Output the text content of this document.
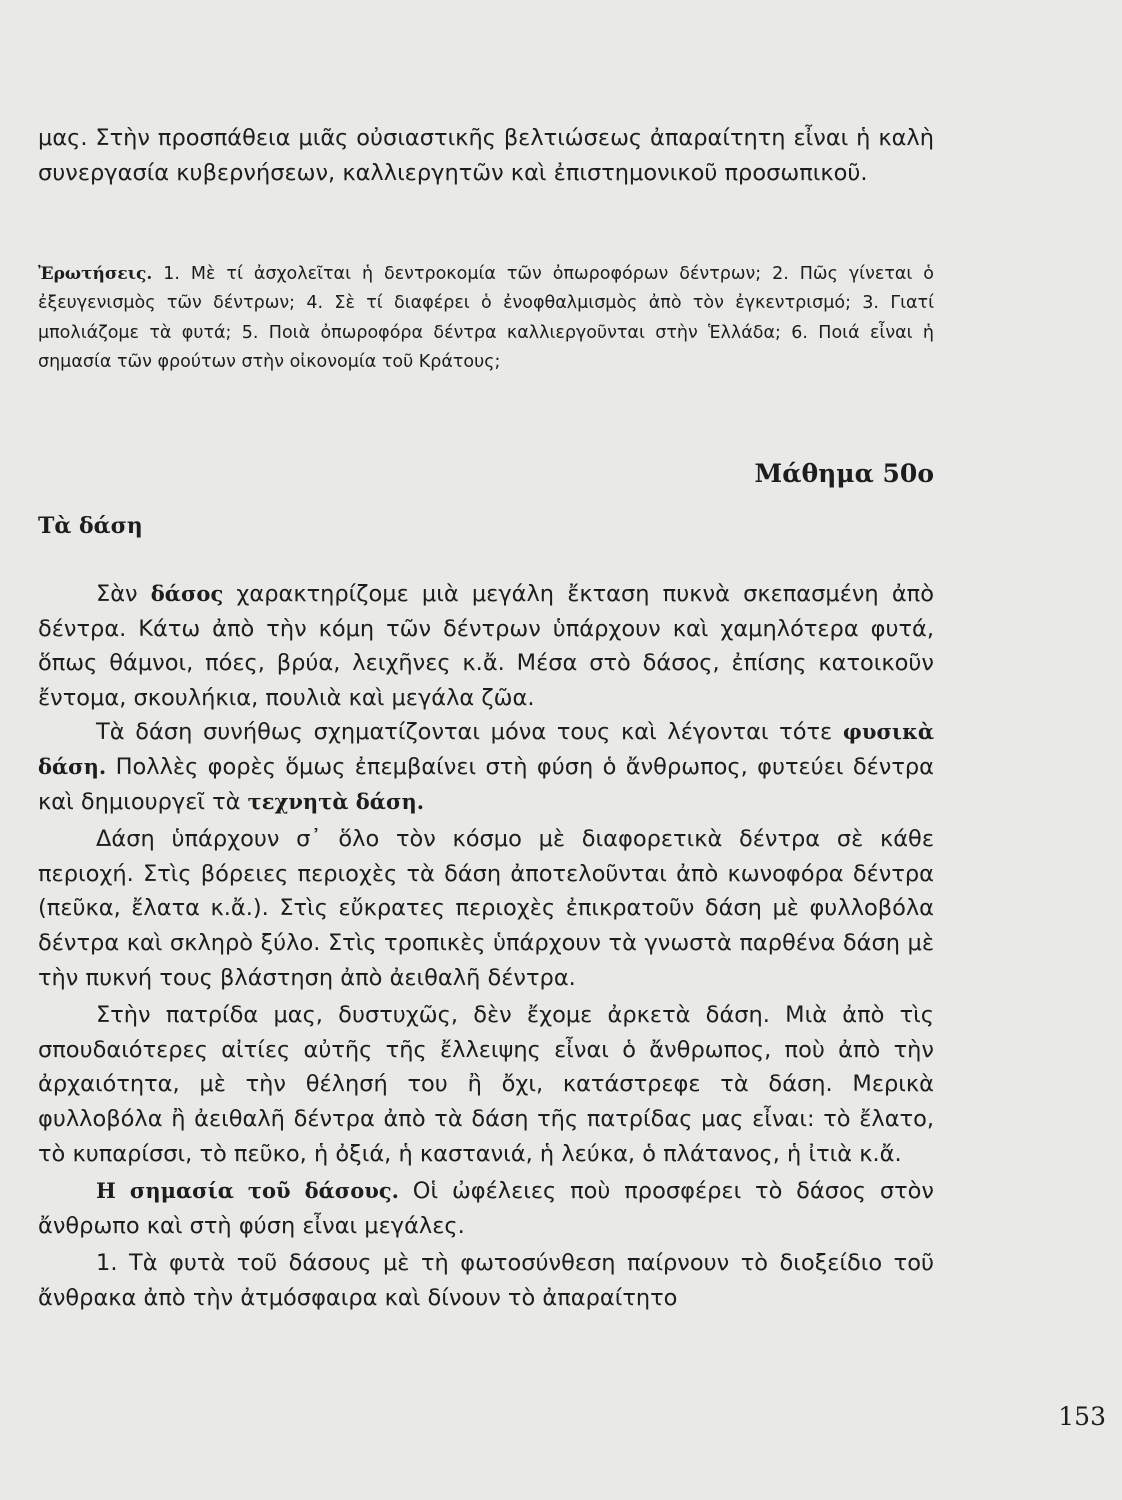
μας. Στὴν προσπάθεια μιᾶς οὐσιαστικῆς βελτιώσεως ἀπαραίτητη εἶναι ἡ καλὴ συνεργασία κυβερνήσεων, καλλιεργητῶν καὶ ἐπιστημονικοῦ προσωπικοῦ.

Ἐρωτήσεις. 1. Μὲ τί ἀσχολεῖται ἡ δεντροκομία τῶν ὀπωροφόρων δέντρων; 2. Πῶς γίνεται ὁ ἐξευγενισμὸς τῶν δέντρων; 4. Σὲ τί διαφέρει ὁ ἐνοφθαλμισμὸς ἀπὸ τὸν ἐγκεντρισμό; 3. Γιατί μπολιάζομε τὰ φυτά; 5. Ποιὰ ὀπωροφόρα δέντρα καλλιεργοῦνται στὴν Ἑλλάδα; 6. Ποιά εἶναι ἡ σημασία τῶν φρούτων στὴν οἰκονομία τοῦ Κράτους;

Μάθημα 50ο
Τὰ δάση

Σὰν δάσος χαρακτηρίζομε μιὰ μεγάλη ἔκταση πυκνὰ σκεπασμένη ἀπὸ δέντρα. Κάτω ἀπὸ τὴν κόμη τῶν δέντρων ὑπάρχουν καὶ χαμηλότερα φυτά, ὅπως θάμνοι, πόες, βρύα, λειχῆνες κ.ἄ. Μέσα στὸ δάσος, ἐπίσης κατοικοῦν ἔντομα, σκουλήκια, πουλιὰ καὶ μεγάλα ζῶα.

Τὰ δάση συνήθως σχηματίζονται μόνα τους καὶ λέγονται τότε φυσικὰ δάση. Πολλὲς φορὲς ὅμως ἐπεμβαίνει στὴ φύση ὁ ἄνθρωπος, φυτεύει δέντρα καὶ δημιουργεῖ τὰ τεχνητὰ δάση.

Δάση ὑπάρχουν σ᾽ ὅλο τὸν κόσμο μὲ διαφορετικὰ δέντρα σὲ κάθε περιοχή. Στὶς βόρειες περιοχὲς τὰ δάση ἀποτελοῦνται ἀπὸ κωνοφόρα δέντρα (πεῦκα, ἔλατα κ.ἄ.). Στὶς εὔκρατες περιοχὲς ἐπικρατοῦν δάση μὲ φυλλοβόλα δέντρα καὶ σκληρὸ ξύλο. Στὶς τροπικὲς ὑπάρχουν τὰ γνωστὰ παρθένα δάση μὲ τὴν πυκνή τους βλάστηση ἀπὸ ἀειθαλῆ δέντρα.

Στὴν πατρίδα μας, δυστυχῶς, δὲν ἔχομε ἀρκετὰ δάση. Μιὰ ἀπὸ τὶς σπουδαιότερες αἰτίες αὐτῆς τῆς ἔλλειψης εἶναι ὁ ἄνθρωπος, ποὺ ἀπὸ τὴν ἀρχαιότητα, μὲ τὴν θέλησή του ἢ ὄχι, κατάστρεφε τὰ δάση. Μερικὰ φυλλοβόλα ἢ ἀειθαλῆ δέντρα ἀπὸ τὰ δάση τῆς πατρίδας μας εἶναι: τὸ ἔλατο, τὸ κυπαρίσσι, τὸ πεῦκο, ἡ ὀξιά, ἡ καστανιά, ἡ λεύκα, ὁ πλάτανος, ἡ ἰτιὰ κ.ἄ.

Η σημασία τοῦ δάσους. Οἱ ὠφέλειες ποὺ προσφέρει τὸ δάσος στὸν ἄνθρωπο καὶ στὴ φύση εἶναι μεγάλες.

1. Τὰ φυτὰ τοῦ δάσους μὲ τὴ φωτοσύνθεση παίρνουν τὸ διοξείδιο τοῦ ἄνθρακα ἀπὸ τὴν ἀτμόσφαιρα καὶ δίνουν τὸ ἀπαραίτητο

153
